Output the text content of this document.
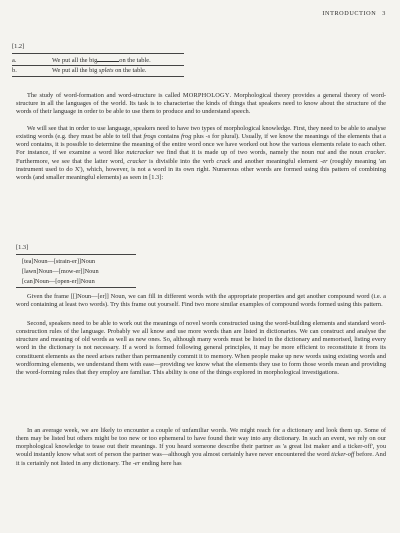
INTRODUCTION 3
[1.2]
a.	We put all the big	on the table.
b.	We put all the big splets on the table.

The study of word-formation and word-structure is called MORPHOLOGY. Morphological theory provides a general theory of word-structure in all the languages of the world. Its task is to characterise the kinds of things that speakers need to know about the structure of the words of their language in order to be able to use them to produce and to understand speech.

We will see that in order to use language, speakers need to have two types of morphological knowledge. First, they need to be able to analyse existing words (e.g. they must be able to tell that frogs contains frog plus -s for plural). Usually, if we know the meanings of the elements that a word contains, it is possible to determine the meaning of the entire word once we have worked out how the various elements relate to each other. For instance, if we examine a word like nutcracker we find that it is made up of two words, namely the noun nut and the noun cracker. Furthermore, we see that the latter word, cracker is divisible into the verb crack and another meaningful element -er (roughly meaning 'an instrument used to do X'), which, however, is not a word in its own right. Numerous other words are formed using this pattern of combining words (and smaller meaningful elements) as seen in [1.3]:

[1.3]
[tea]Noun—[strain-er]]Noun
[lawn]Noun—[mow-er]]Noun
[can]Noun—[open-er]]Noun

Given the frame [[]Noun—[er]] Noun, we can fill in different words with the appropriate properties and get another compound word (i.e. a word containing at least two words). Try this frame out yourself. Find two more similar examples of compound words formed using this pattern.

Second, speakers need to be able to work out the meanings of novel words constructed using the word-building elements and standard word-construction rules of the language. Probably we all know and use more words than are listed in dictionaries. We can construct and analyse the structure and meaning of old words as well as new ones. So, although many words must be listed in the dictionary and memorised, listing every word in the dictionary is not necessary. If a word is formed following general principles, it may be more efficient to reconstitute it from its constituent elements as the need arises rather than permanently commit it to memory. When people make up new words using existing words and wordforming elements, we understand them with ease—providing we know what the elements they use to form those words mean and providing the word-forming rules that they employ are familiar. This ability is one of the things explored in morphological investigations.

In an average week, we are likely to encounter a couple of unfamiliar words. We might reach for a dictionary and look them up. Some of them may be listed but others might be too new or too ephemeral to have found their way into any dictionary. In such an event, we rely on our morphological knowledge to tease out their meanings. If you heard someone describe their partner as 'a great list maker and a ticker-off', you would instantly know what sort of person the partner was—although you almost certainly have never encountered the word ticker-off before. And it is certainly not listed in any dictionary. The -er ending here has
